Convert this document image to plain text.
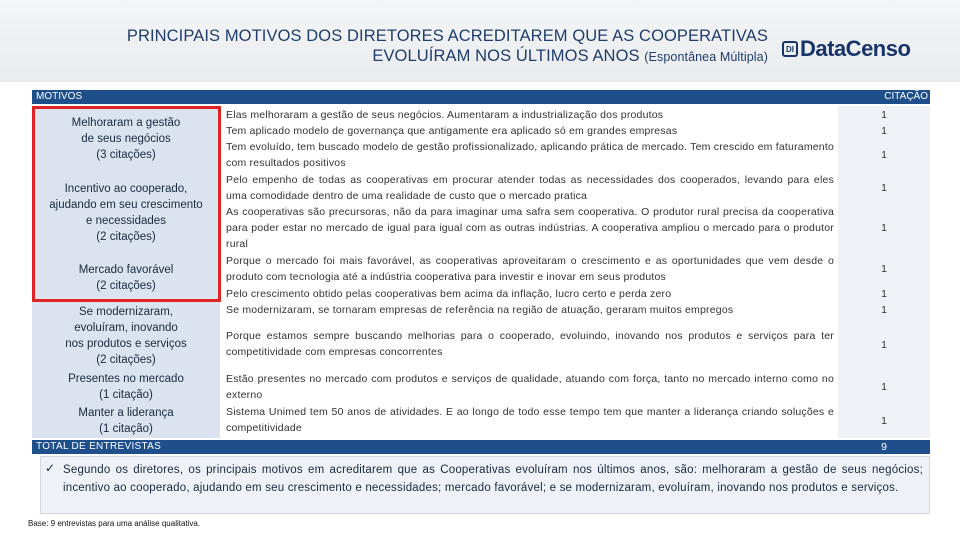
PRINCIPAIS MOTIVOS DOS DIRETORES ACREDITAREM QUE AS COOPERATIVAS
EVOLUÍRAM NOS ÚLTIMOS ANOS (Espontânea Múltipla)
DI DataCenso
MOTIVOS	CITAÇÃO
Melhoraram a gestão
de seus negócios
(3 citações)
Incentivo ao cooperado,
ajudando em seu crescimento
e necessidades
(2 citações)
Mercado favorável
(2 citações)
Se modernizaram,
evoluíram, inovando
nos produtos e serviços
(2 citações)
Presentes no mercado
(1 citação)
Manter a liderança
(1 citação)
Elas melhoraram a gestão de seus negócios. Aumentaram a industrialização dos produtos
Tem aplicado modelo de governança que antigamente era aplicado só em grandes empresas
Tem evoluído, tem buscado modelo de gestão profissionalizado, aplicando prática de mercado. Tem crescido em faturamento com resultados positivos
Pelo empenho de todas as cooperativas em procurar atender todas as necessidades dos cooperados, levando para eles uma comodidade dentro de uma realidade de custo que o mercado pratica
As cooperativas são precursoras, não da para imaginar uma safra sem cooperativa. O produtor rural precisa da cooperativa para poder estar no mercado de igual para igual com as outras indústrias. A cooperativa ampliou o mercado para o produtor rural
Porque o mercado foi mais favorável, as cooperativas aproveitaram o crescimento e as oportunidades que vem desde o produto com tecnologia até a indústria cooperativa para investir e inovar em seus produtos
Pelo crescimento obtido pelas cooperativas bem acima da inflação, lucro certo e perda zero
Se modernizaram, se tornaram empresas de referência na região de atuação, geraram muitos empregos
Porque estamos sempre buscando melhorias para o cooperado, evoluindo, inovando nos produtos e serviços para ter competitividade com empresas concorrentes
Estão presentes no mercado com produtos e serviços de qualidade, atuando com força, tanto no mercado interno como no externo
Sistema Unimed tem 50 anos de atividades. E ao longo de todo esse tempo tem que manter a liderança criando soluções e competitividade
1
1
1
1
1
1
1
1
1
1
1
TOTAL DE ENTREVISTAS	9
✓ Segundo os diretores, os principais motivos em acreditarem que as Cooperativas evoluíram nos últimos anos, são: melhoraram a gestão de seus negócios; incentivo ao cooperado, ajudando em seu crescimento e necessidades; mercado favorável; e se modernizaram, evoluíram, inovando nos produtos e serviços.
Base: 9 entrevistas para uma análise qualitativa.
